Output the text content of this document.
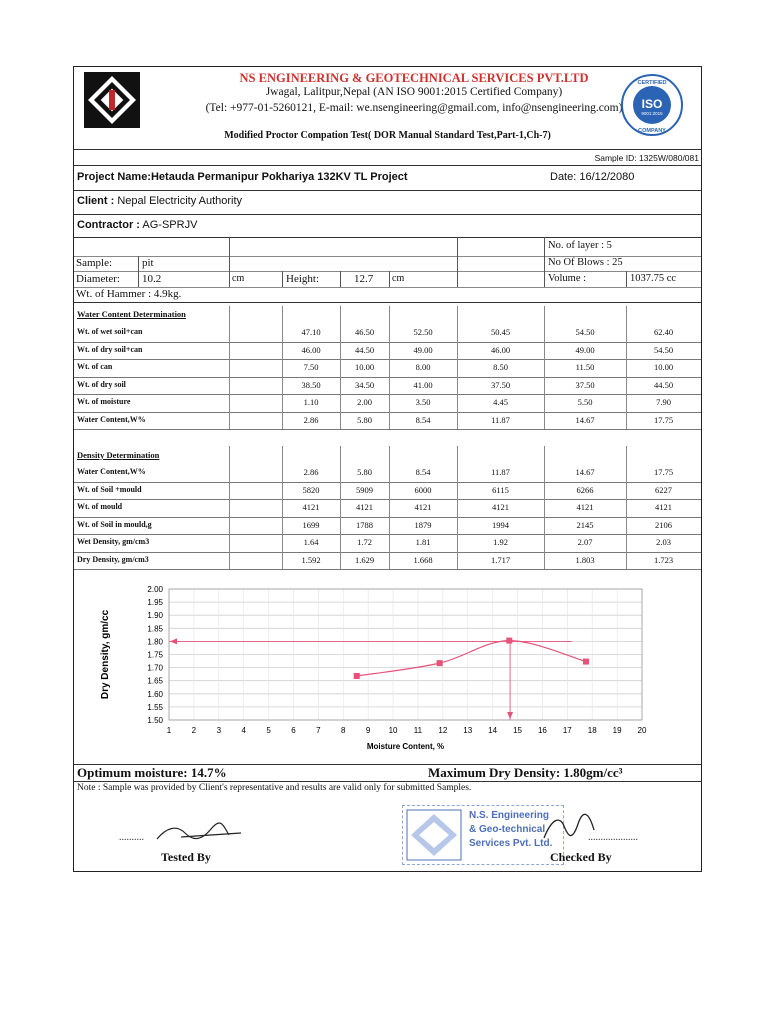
NS ENGINEERING & GEOTECHNICAL SERVICES PVT.LTD
Jwagal, Lalitpur,Nepal (AN ISO 9001:2015 Certified Company)
(Tel: +977-01-5260121, E-mail: we.nsengineering@gmail.com, info@nsengineering.com)
CERTIFIED
ISO
9001:2015
COMPANY
Modified Proctor Compation Test( DOR Manual Standard Test,Part-1,Ch-7)
Sample ID: 1325W/080/081
Project Name:Hetauda Permanipur Pokhariya 132KV TL Project	Date: 16/12/2080
Client : Nepal Electricity Authority
Contractor : AG-SPRJV
Sample:	pit
Diameter: 10.2	cm	Height:	12.7 cm
Wt. of Hammer : 4.9kg.
No. of layer : 5
No Of Blows : 25
Volume :	1037.75 cc
Water Content Determination
Density Determination
2.00
1.95
1.90
1.85
1.80
1.75
1.70
1.65
1.60
1.55
1.50
1	2	3	4	5	6	7	8	9 10 11 12 13 14 15 16 17 18 19 20
Moisture Content, %
Dry Density, gm/cc
Optimum moisture: 14.7%	Maximum Dry Density: 1.80gm/cc³
Note : Sample was provided by Client's representative and results are valid only for submitted Samples.
..........
Tested By
N.S. Engineering
& Geo-technical
Services Pvt. Ltd.
....................
Checked By
Wt. of wet soil+can	47.10	46.50	52.50	50.45	54.50	62.40
Wt. of dry soil+can	46.00	44.50	49.00	46.00	49.00	54.50
Wt. of can	7.50	10.00	8.00	8.50	11.50	10.00
Wt. of dry soil	38.50	34.50	41.00	37.50	37.50	44.50
Wt. of moisture	1.10	2.00	3.50	4.45	5.50	7.90
Water Content,W%	2.86	5.80	8.54	11.87	14.67	17.75
Water Content,W%	2.86	5.80	8.54	11.87	14.67	17.75
Wt. of Soil +mould	5820	5909	6000	6115	6266	6227
Wt. of mould	4121	4121	4121	4121	4121	4121
Wt. of Soil in mould,g	1699	1788	1879	1994	2145	2106
Wet Density, gm/cm3	1.64	1.72	1.81	1.92	2.07	2.03
Dry Density, gm/cm3	1.592	1.629	1.668	1.717	1.803	1.723
